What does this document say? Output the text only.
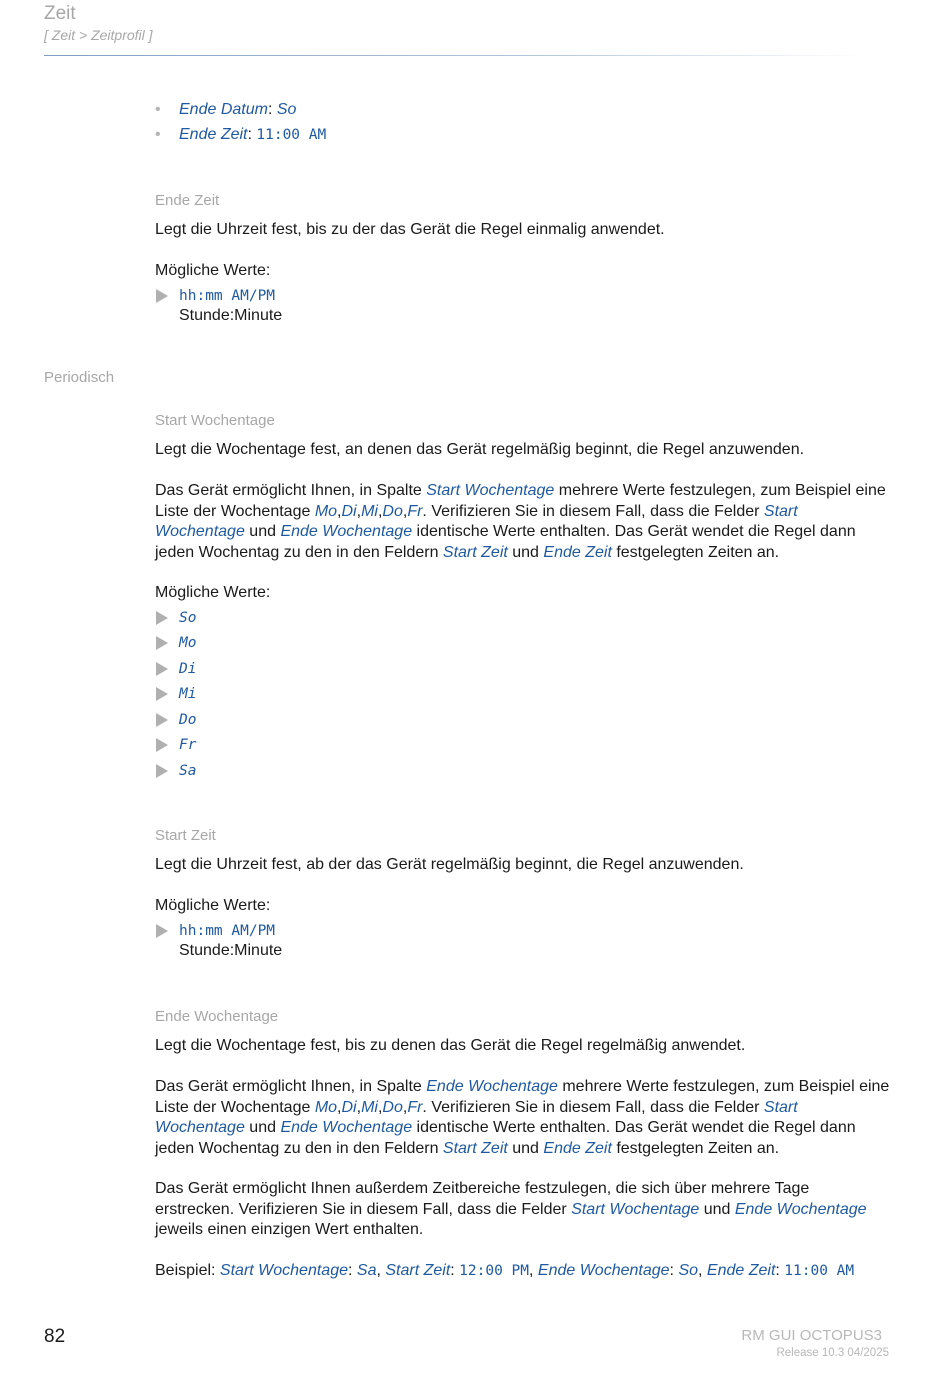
Zeit
[ Zeit > Zeitprofil ]
• Ende Datum: So
• Ende Zeit: 11:00 AM
Ende Zeit
Legt die Uhrzeit fest, bis zu der das Gerät die Regel einmalig anwendet.
Mögliche Werte:
hh:mm AM/PM
Stunde:Minute
Periodisch
Start Wochentage
Legt die Wochentage fest, an denen das Gerät regelmäßig beginnt, die Regel anzuwenden.
Das Gerät ermöglicht Ihnen, in Spalte Start Wochentage mehrere Werte festzulegen, zum Beispiel eine Liste der Wochentage Mo,Di,Mi,Do,Fr. Verifizieren Sie in diesem Fall, dass die Felder Start Wochentage und Ende Wochentage identische Werte enthalten. Das Gerät wendet die Regel dann jeden Wochentag zu den in den Feldern Start Zeit und Ende Zeit festgelegten Zeiten an.
Mögliche Werte:
So
Mo
Di
Mi
Do
Fr
Sa
Start Zeit
Legt die Uhrzeit fest, ab der das Gerät regelmäßig beginnt, die Regel anzuwenden.
Mögliche Werte:
hh:mm AM/PM
Stunde:Minute
Ende Wochentage
Legt die Wochentage fest, bis zu denen das Gerät die Regel regelmäßig anwendet.
Das Gerät ermöglicht Ihnen, in Spalte Ende Wochentage mehrere Werte festzulegen, zum Beispiel eine Liste der Wochentage Mo,Di,Mi,Do,Fr. Verifizieren Sie in diesem Fall, dass die Felder Start Wochentage und Ende Wochentage identische Werte enthalten. Das Gerät wendet die Regel dann jeden Wochentag zu den in den Feldern Start Zeit und Ende Zeit festgelegten Zeiten an.
Das Gerät ermöglicht Ihnen außerdem Zeitbereiche festzulegen, die sich über mehrere Tage erstrecken. Verifizieren Sie in diesem Fall, dass die Felder Start Wochentage und Ende Wochentage jeweils einen einzigen Wert enthalten.
Beispiel: Start Wochentage: Sa, Start Zeit: 12:00 PM, Ende Wochentage: So, Ende Zeit: 11:00 AM
82	RM GUI OCTOPUS3
Release 10.3 04/2025
